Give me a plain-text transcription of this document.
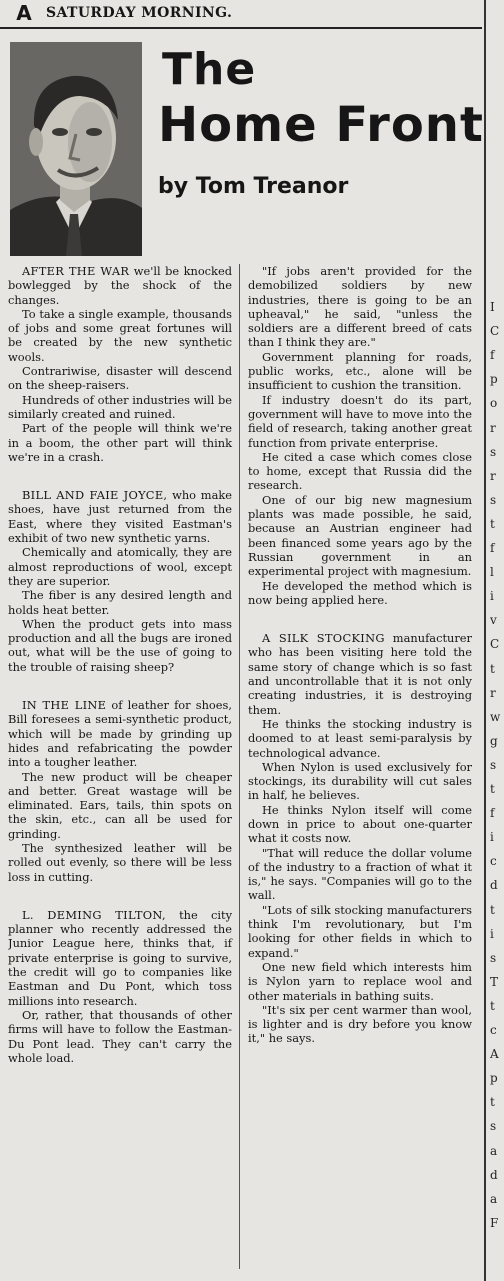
A	SATURDAY MORNING.
The
Home Front
by Tom Treanor

AFTER THE WAR we'll be knocked bowlegged by the shock of the changes.

To take a single example, thousands of jobs and some great fortunes will be created by the new synthetic wools.

Contrariwise, disaster will descend on the sheep-raisers.

Hundreds of other industries will be similarly created and ruined.

Part of the people will think we're in a boom, the other part will think we're in a crash.

BILL AND FAIE JOYCE, who make shoes, have just returned from the East, where they visited Eastman's exhibit of two new synthetic yarns.

Chemically and atomically, they are almost reproductions of wool, except they are superior.

The fiber is any desired length and holds heat better.

When the product gets into mass production and all the bugs are ironed out, what will be the use of going to the trouble of raising sheep?

IN THE LINE of leather for shoes, Bill foresees a semi-synthetic product, which will be made by grinding up hides and refabricating the powder into a tougher leather.

The new product will be cheaper and better. Great wastage will be eliminated. Ears, tails, thin spots on the skin, etc., can all be used for grinding.

The synthesized leather will be rolled out evenly, so there will be less loss in cutting.

L. DEMING TILTON, the city planner who recently addressed the Junior League here, thinks that, if private enterprise is going to survive, the credit will go to companies like Eastman and Du Pont, which toss millions into research.

Or, rather, that thousands of other firms will have to follow the Eastman-Du Pont lead. They can't carry the whole load.

"If jobs aren't provided for the demobilized soldiers by new industries, there is going to be an upheaval," he said, "unless the soldiers are a different breed of cats than I think they are."

Government planning for roads, public works, etc., alone will be insufficient to cushion the transition.

If industry doesn't do its part, government will have to move into the field of research, taking another great function from private enterprise.

He cited a case which comes close to home, except that Russia did the research.

One of our big new magnesium plants was made possible, he said, because an Austrian engineer had been financed some years ago by the Russian government in an experimental project with magnesium.

He developed the method which is now being applied here.

A SILK STOCKING manufacturer who has been visiting here told the same story of change which is so fast and uncontrollable that it is not only creating industries, it is destroying them.

He thinks the stocking industry is doomed to at least semi-paralysis by technological advance.

When Nylon is used exclusively for stockings, its durability will cut sales in half, he believes.

He thinks Nylon itself will come down in price to about one-quarter what it costs now.

"That will reduce the dollar volume of the industry to a fraction of what it is," he says. "Companies will go to the wall.

"Lots of silk stocking manufacturers think I'm revolutionary, but I'm looking for other fields in which to expand."

One new field which interests him is Nylon yarn to replace wool and other materials in bathing suits.

"It's six per cent warmer than wool, is lighter and is dry before you know it," he says.

I
C
f
p
o
r
s
r
s
t
f
l
i
v
C
t
r
w
g
s
t
f
i
c
d
t
i
s
T
t
c
A
p
t
s
a
d
a
F
